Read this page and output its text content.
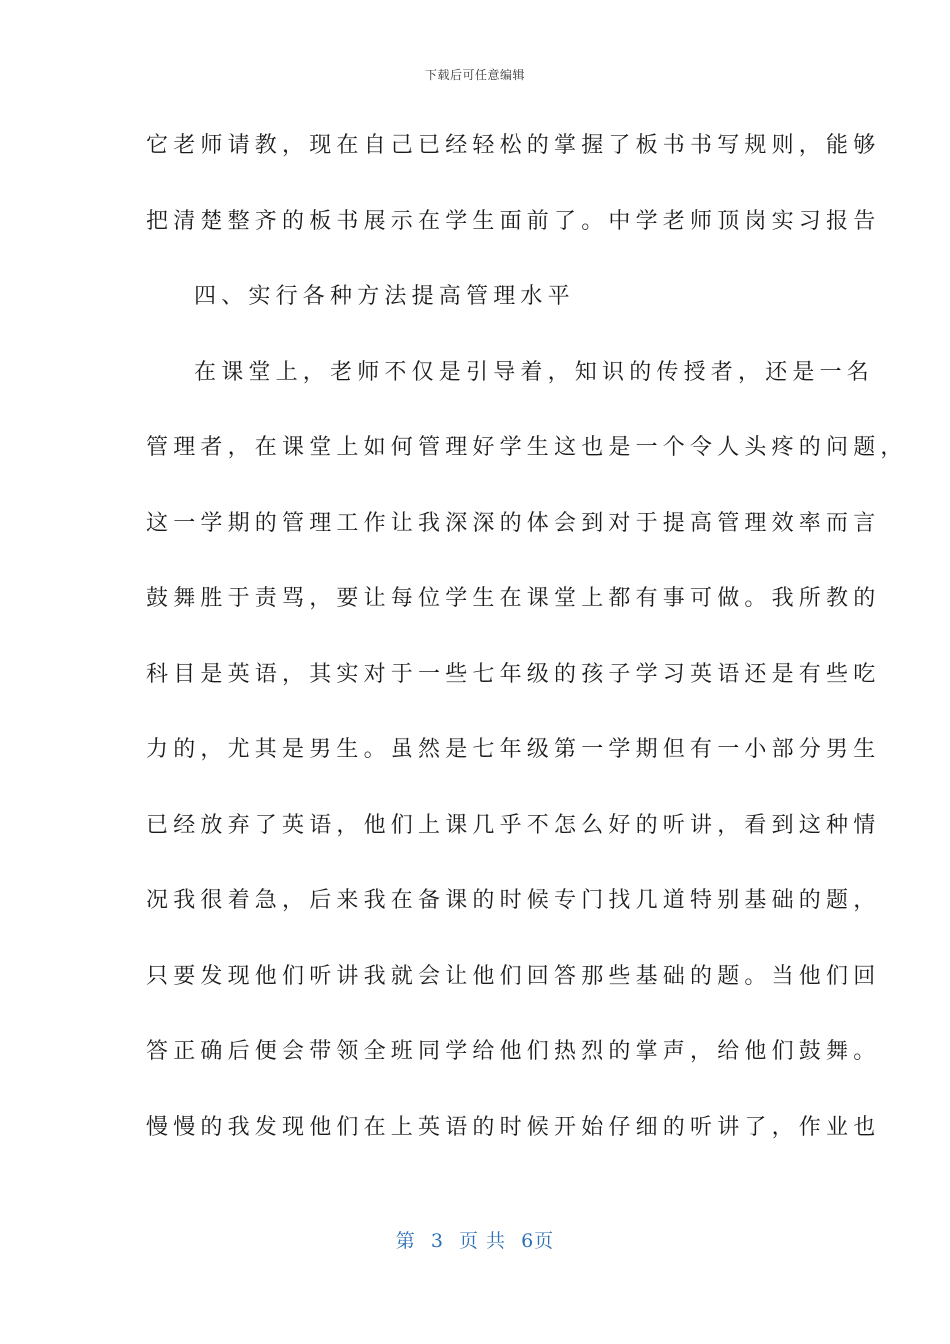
下载后可任意编辑
它老师请教，现在自己已经轻松的掌握了板书书写规则，能够
把清楚整齐的板书展示在学生面前了。中学老师顶岗实习报告
四、实行各种方法提高管理水平
在课堂上，老师不仅是引导着，知识的传授者，还是一名
管理者，在课堂上如何管理好学生这也是一个令人头疼的问题，
这一学期的管理工作让我深深的体会到对于提高管理效率而言
鼓舞胜于责骂，要让每位学生在课堂上都有事可做。我所教的
科目是英语，其实对于一些七年级的孩子学习英语还是有些吃
力的，尤其是男生。虽然是七年级第一学期但有一小部分男生
已经放弃了英语，他们上课几乎不怎么好的听讲，看到这种情
况我很着急，后来我在备课的时候专门找几道特别基础的题，
只要发现他们听讲我就会让他们回答那些基础的题。当他们回
答正确后便会带领全班同学给他们热烈的掌声，给他们鼓舞。
慢慢的我发现他们在上英语的时候开始仔细的听讲了，作业也
第 3 页 共 6页
